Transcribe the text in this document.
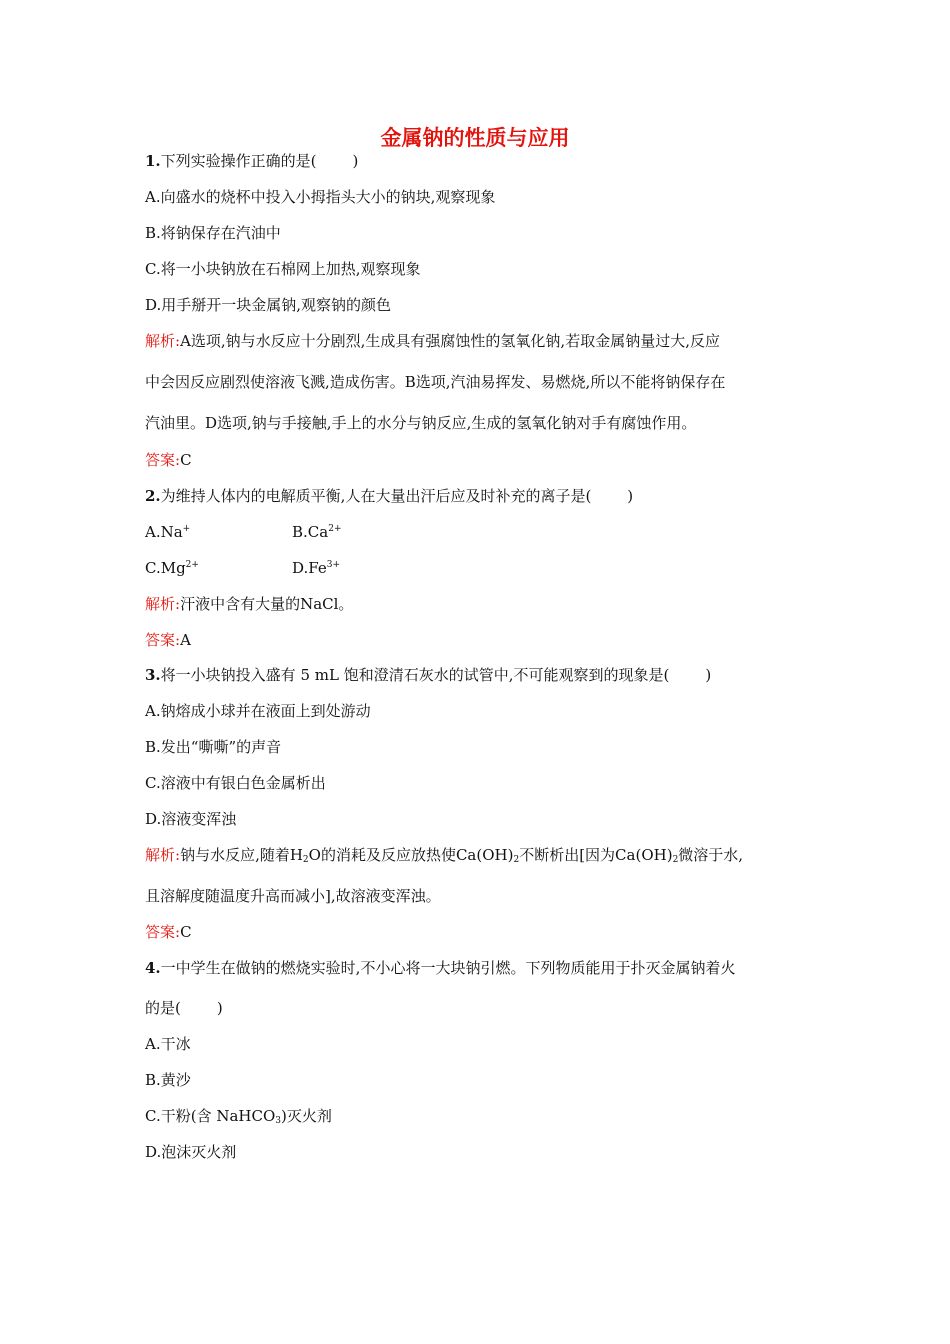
金属钠的性质与应用
1.下列实验操作正确的是( )
A.向盛水的烧杯中投入小拇指头大小的钠块,观察现象
B.将钠保存在汽油中
C.将一小块钠放在石棉网上加热,观察现象
D.用手掰开一块金属钠,观察钠的颜色
解析:A选项,钠与水反应十分剧烈,生成具有强腐蚀性的氢氧化钠,若取金属钠量过大,反应
中会因反应剧烈使溶液飞溅,造成伤害。B选项,汽油易挥发、易燃烧,所以不能将钠保存在
汽油里。D选项,钠与手接触,手上的水分与钠反应,生成的氢氧化钠对手有腐蚀作用。
答案:C
2.为维持人体内的电解质平衡,人在大量出汗后应及时补充的离子是( )
A.Na+	$B.Ca^{2+}$
$C.Mg^{2+}$	$D.Fe^{3+}$
解析:汗液中含有大量的NaCl。
答案:A
3.将一小块钠投入盛有 5 mL 饱和澄清石灰水的试管中,不可能观察到的现象是( )
A.钠熔成小球并在液面上到处游动
B.发出“嘶嘶”的声音
C.溶液中有银白色金属析出
D.溶液变浑浊
解析:钠与水反应,随着$H_2O$的消耗及反应放热使$Ca(OH)_2$不断析出[因为$Ca(OH)_2$微溶于水,
且溶解度随温度升高而减小],故溶液变浑浊。
答案:C
4.一中学生在做钠的燃烧实验时,不小心将一大块钠引燃。下列物质能用于扑灭金属钠着火
的是( )
A.干冰
B.黄沙
C.干粉(含 NaHCO$_3$)灭火剂
D.泡沫灭火剂
